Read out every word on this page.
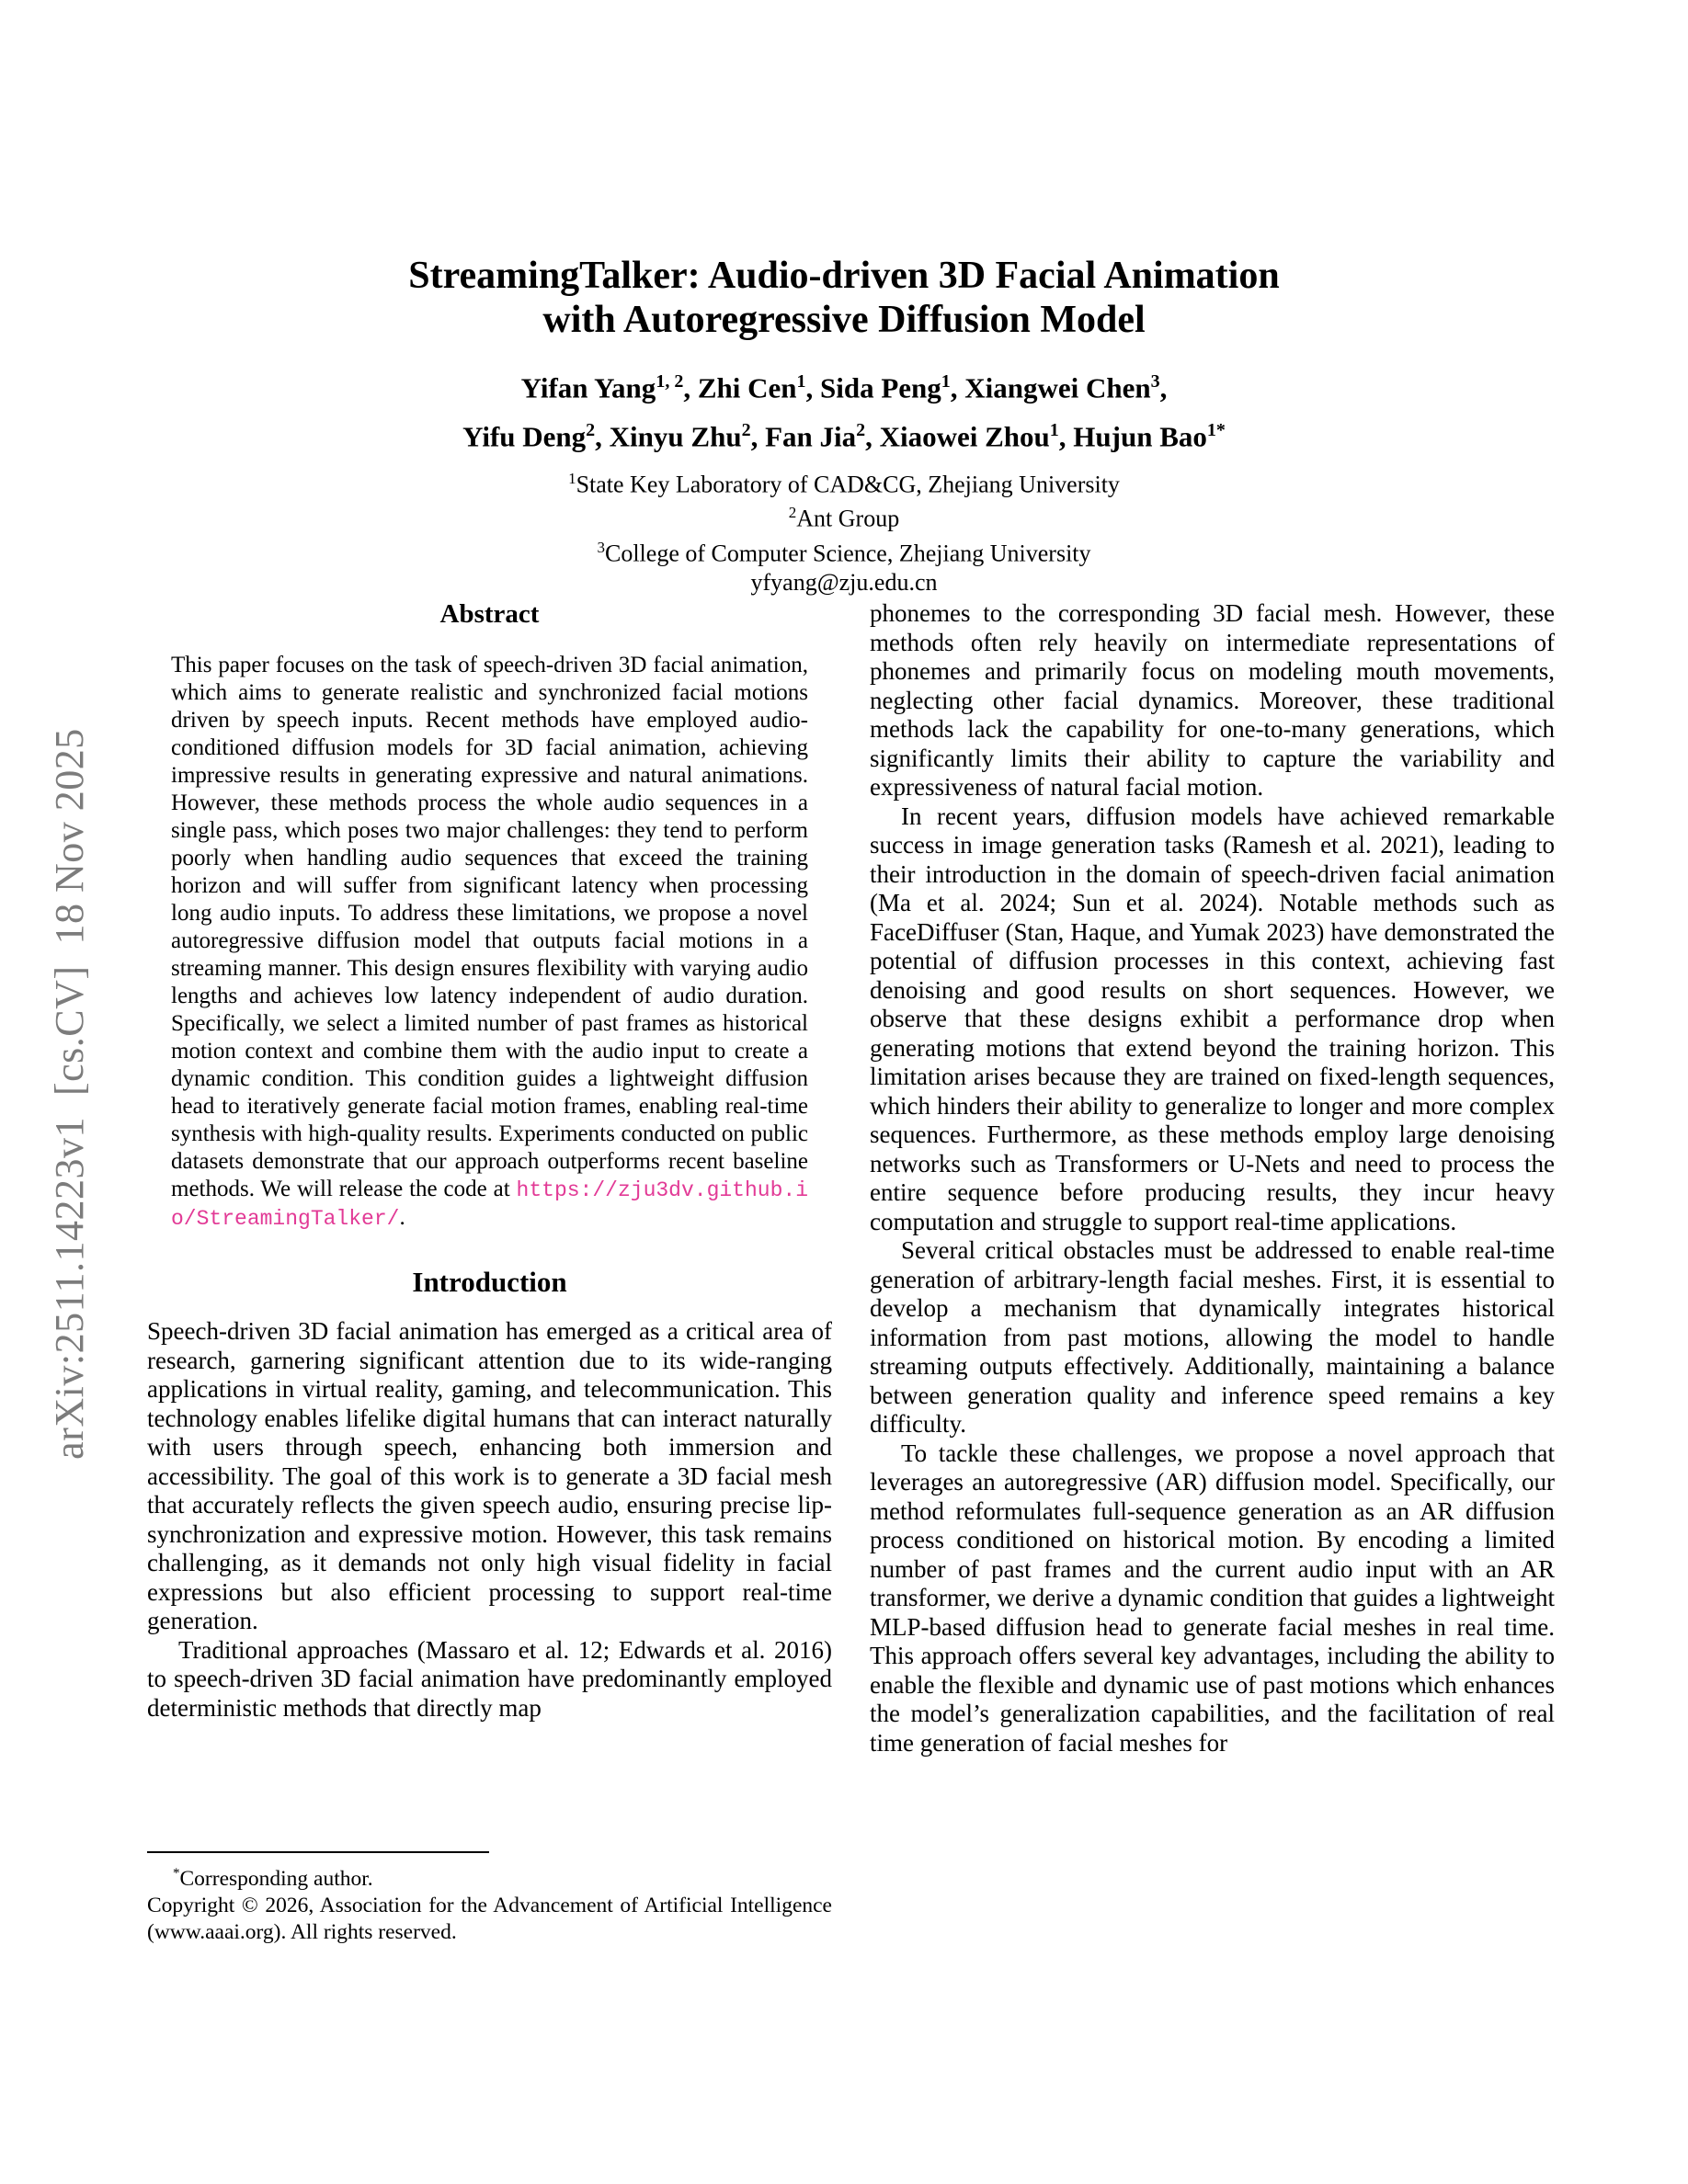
arXiv:2511.14223v1  [cs.CV]  18 Nov 2025
StreamingTalker: Audio-driven 3D Facial Animation
with Autoregressive Diffusion Model
Yifan Yang$^{1, 2}$, Zhi Cen$^1$, Sida Peng$^1$, Xiangwei Chen$^3$,
Yifu Deng$^2$, Xinyu Zhu$^2$, Fan Jia$^2$, Xiaowei Zhou$^1$, Hujun Bao$^{1*}$
$^1$State Key Laboratory of CAD&CG, Zhejiang University
$^2$Ant Group
$^3$College of Computer Science, Zhejiang University
yfyang@zju.edu.cn
Abstract
This paper focuses on the task of speech-driven 3D facial animation, which aims to generate realistic and synchronized facial motions driven by speech inputs. Recent methods have employed audio-conditioned diffusion models for 3D facial animation, achieving impressive results in generating expressive and natural animations. However, these methods process the whole audio sequences in a single pass, which poses two major challenges: they tend to perform poorly when handling audio sequences that exceed the training horizon and will suffer from significant latency when processing long audio inputs. To address these limitations, we propose a novel autoregressive diffusion model that outputs facial motions in a streaming manner. This design ensures flexibility with varying audio lengths and achieves low latency independent of audio duration. Specifically, we select a limited number of past frames as historical motion context and combine them with the audio input to create a dynamic condition. This condition guides a lightweight diffusion head to iteratively generate facial motion frames, enabling real-time synthesis with high-quality results. Experiments conducted on public datasets demonstrate that our approach outperforms recent baseline methods. We will release the code at https://zju3dv.github.io/StreamingTalker/.
Introduction

Speech-driven 3D facial animation has emerged as a critical area of research, garnering significant attention due to its wide-ranging applications in virtual reality, gaming, and telecommunication. This technology enables lifelike digital humans that can interact naturally with users through speech, enhancing both immersion and accessibility. The goal of this work is to generate a 3D facial mesh that accurately reflects the given speech audio, ensuring precise lip-synchronization and expressive motion. However, this task remains challenging, as it demands not only high visual fidelity in facial expressions but also efficient processing to support real-time generation.

Traditional approaches (Massaro et al. 12; Edwards et al. 2016) to speech-driven 3D facial animation have predominantly employed deterministic methods that directly map

phonemes to the corresponding 3D facial mesh. However, these methods often rely heavily on intermediate representations of phonemes and primarily focus on modeling mouth movements, neglecting other facial dynamics. Moreover, these traditional methods lack the capability for one-to-many generations, which significantly limits their ability to capture the variability and expressiveness of natural facial motion.

In recent years, diffusion models have achieved remarkable success in image generation tasks (Ramesh et al. 2021), leading to their introduction in the domain of speech-driven facial animation (Ma et al. 2024; Sun et al. 2024). Notable methods such as FaceDiffuser (Stan, Haque, and Yumak 2023) have demonstrated the potential of diffusion processes in this context, achieving fast denoising and good results on short sequences. However, we observe that these designs exhibit a performance drop when generating motions that extend beyond the training horizon. This limitation arises because they are trained on fixed-length sequences, which hinders their ability to generalize to longer and more complex sequences. Furthermore, as these methods employ large denoising networks such as Transformers or U-Nets and need to process the entire sequence before producing results, they incur heavy computation and struggle to support real-time applications.

Several critical obstacles must be addressed to enable real-time generation of arbitrary-length facial meshes. First, it is essential to develop a mechanism that dynamically integrates historical information from past motions, allowing the model to handle streaming outputs effectively. Additionally, maintaining a balance between generation quality and inference speed remains a key difficulty.

To tackle these challenges, we propose a novel approach that leverages an autoregressive (AR) diffusion model. Specifically, our method reformulates full-sequence generation as an AR diffusion process conditioned on historical motion. By encoding a limited number of past frames and the current audio input with an AR transformer, we derive a dynamic condition that guides a lightweight MLP-based diffusion head to generate facial meshes in real time. This approach offers several key advantages, including the ability to enable the flexible and dynamic use of past motions which enhances the model’s generalization capabilities, and the facilitation of real time generation of facial meshes for

*Corresponding author.

Copyright © 2026, Association for the Advancement of Artificial Intelligence (www.aaai.org). All rights reserved.
